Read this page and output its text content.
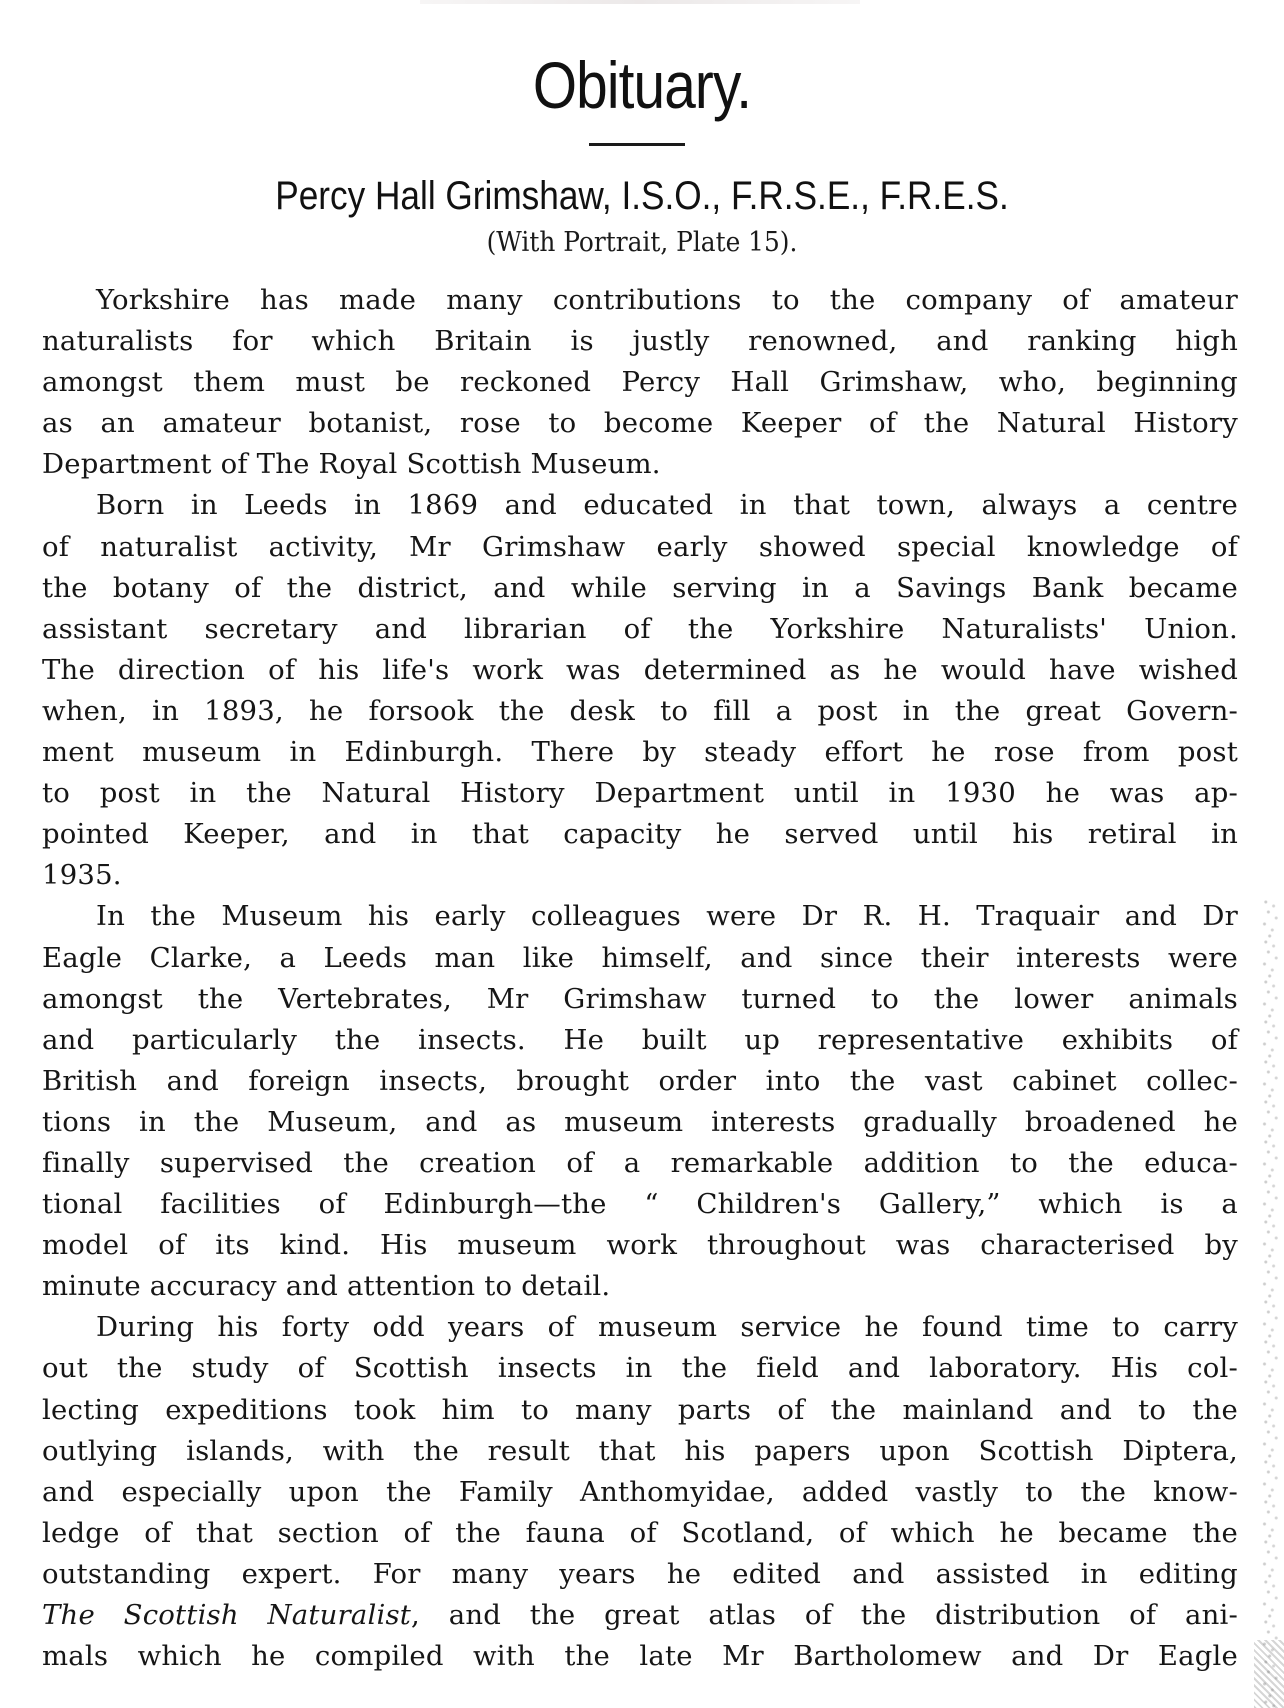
Obituary.
Percy Hall Grimshaw, I.S.O., F.R.S.E., F.R.E.S.
(With Portrait, Plate 15).
Yorkshire has made many contributions to the company of amateur
naturalists for which Britain is justly renowned, and ranking high
amongst them must be reckoned Percy Hall Grimshaw, who, beginning
as an amateur botanist, rose to become Keeper of the Natural History
Department of The Royal Scottish Museum.
Born in Leeds in 1869 and educated in that town, always a centre
of naturalist activity, Mr Grimshaw early showed special knowledge of
the botany of the district, and while serving in a Savings Bank became
assistant secretary and librarian of the Yorkshire Naturalists' Union.
The direction of his life's work was determined as he would have wished
when, in 1893, he forsook the desk to fill a post in the great Govern-
ment museum in Edinburgh. There by steady effort he rose from post
to post in the Natural History Department until in 1930 he was ap-
pointed Keeper, and in that capacity he served until his retiral in
1935.
In the Museum his early colleagues were Dr R. H. Traquair and Dr
Eagle Clarke, a Leeds man like himself, and since their interests were
amongst the Vertebrates, Mr Grimshaw turned to the lower animals
and particularly the insects. He built up representative exhibits of
British and foreign insects, brought order into the vast cabinet collec-
tions in the Museum, and as museum interests gradually broadened he
finally supervised the creation of a remarkable addition to the educa-
tional facilities of Edinburgh—the “ Children's Gallery,” which is a
model of its kind. His museum work throughout was characterised by
minute accuracy and attention to detail.
During his forty odd years of museum service he found time to carry
out the study of Scottish insects in the field and laboratory. His col-
lecting expeditions took him to many parts of the mainland and to the
outlying islands, with the result that his papers upon Scottish Diptera,
and especially upon the Family Anthomyidae, added vastly to the know-
ledge of that section of the fauna of Scotland, of which he became the
outstanding expert. For many years he edited and assisted in editing
The Scottish Naturalist, and the great atlas of the distribution of ani-
mals which he compiled with the late Mr Bartholomew and Dr Eagle
